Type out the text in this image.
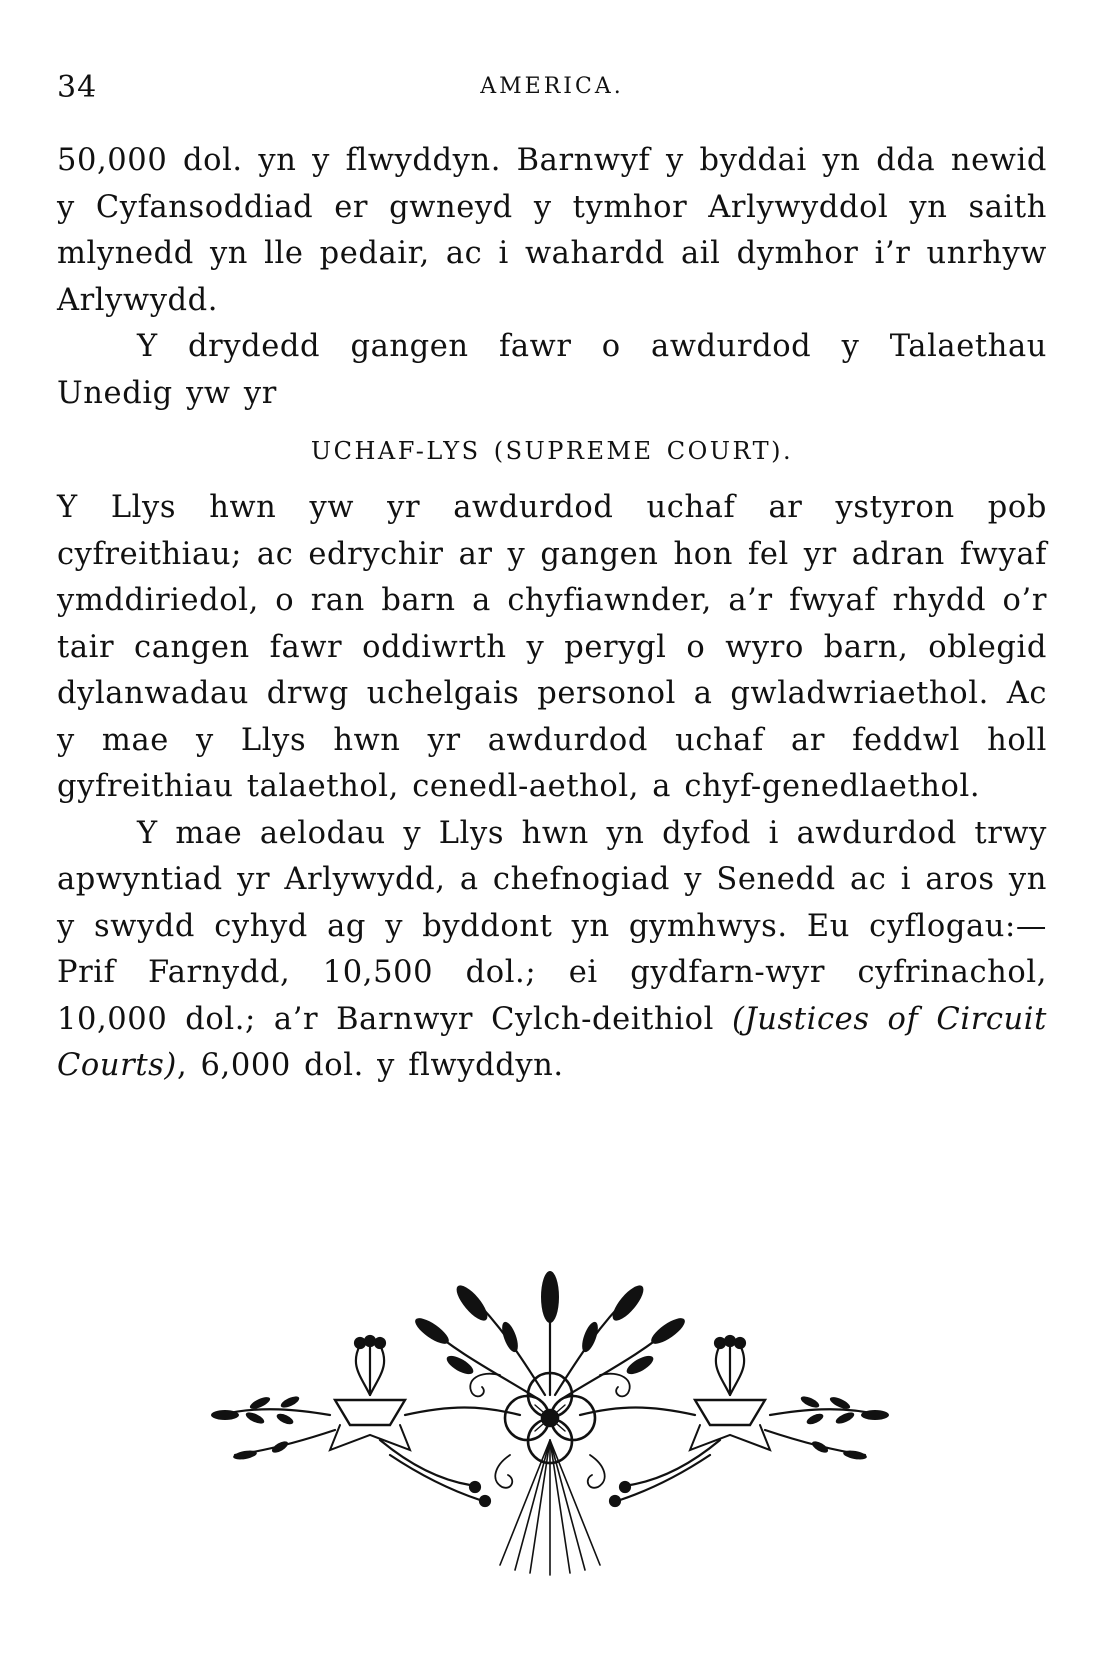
34	AMERICA.

50,000 dol. yn y flwyddyn. Barnwyf y byddai yn dda newid y Cyfansoddiad er gwneyd y tymhor Arlywyddol yn saith mlynedd yn lle pedair, ac i wahardd ail dymhor i’r unrhyw Arlywydd.

Y drydedd gangen fawr o awdurdod y Talaethau Unedig yw yr

UCHAF-LYS (SUPREME COURT).

Y Llys hwn yw yr awdurdod uchaf ar ystyron pob cyfreithiau; ac edrychir ar y gangen hon fel yr adran fwyaf ymddiriedol, o ran barn a chyfiawnder, a’r fwyaf rhydd o’r tair cangen fawr oddiwrth y perygl o wyro barn, oblegid dylanwadau drwg uchelgais personol a gwladwriaethol. Ac y mae y Llys hwn yr awdurdod uchaf ar feddwl holl gyfreithiau talaethol, cenedl-aethol, a chyf-genedlaethol.

Y mae aelodau y Llys hwn yn dyfod i awdurdod trwy apwyntiad yr Arlywydd, a chefnogiad y Senedd ac i aros yn y swydd cyhyd ag y byddont yn gymhwys. Eu cyflogau:—Prif Farnydd, 10,500 dol.; ei gydfarn-wyr cyfrinachol, 10,000 dol.; a’r Barnwyr Cylch-deithiol (Justices of Circuit Courts), 6,000 dol. y flwyddyn.
